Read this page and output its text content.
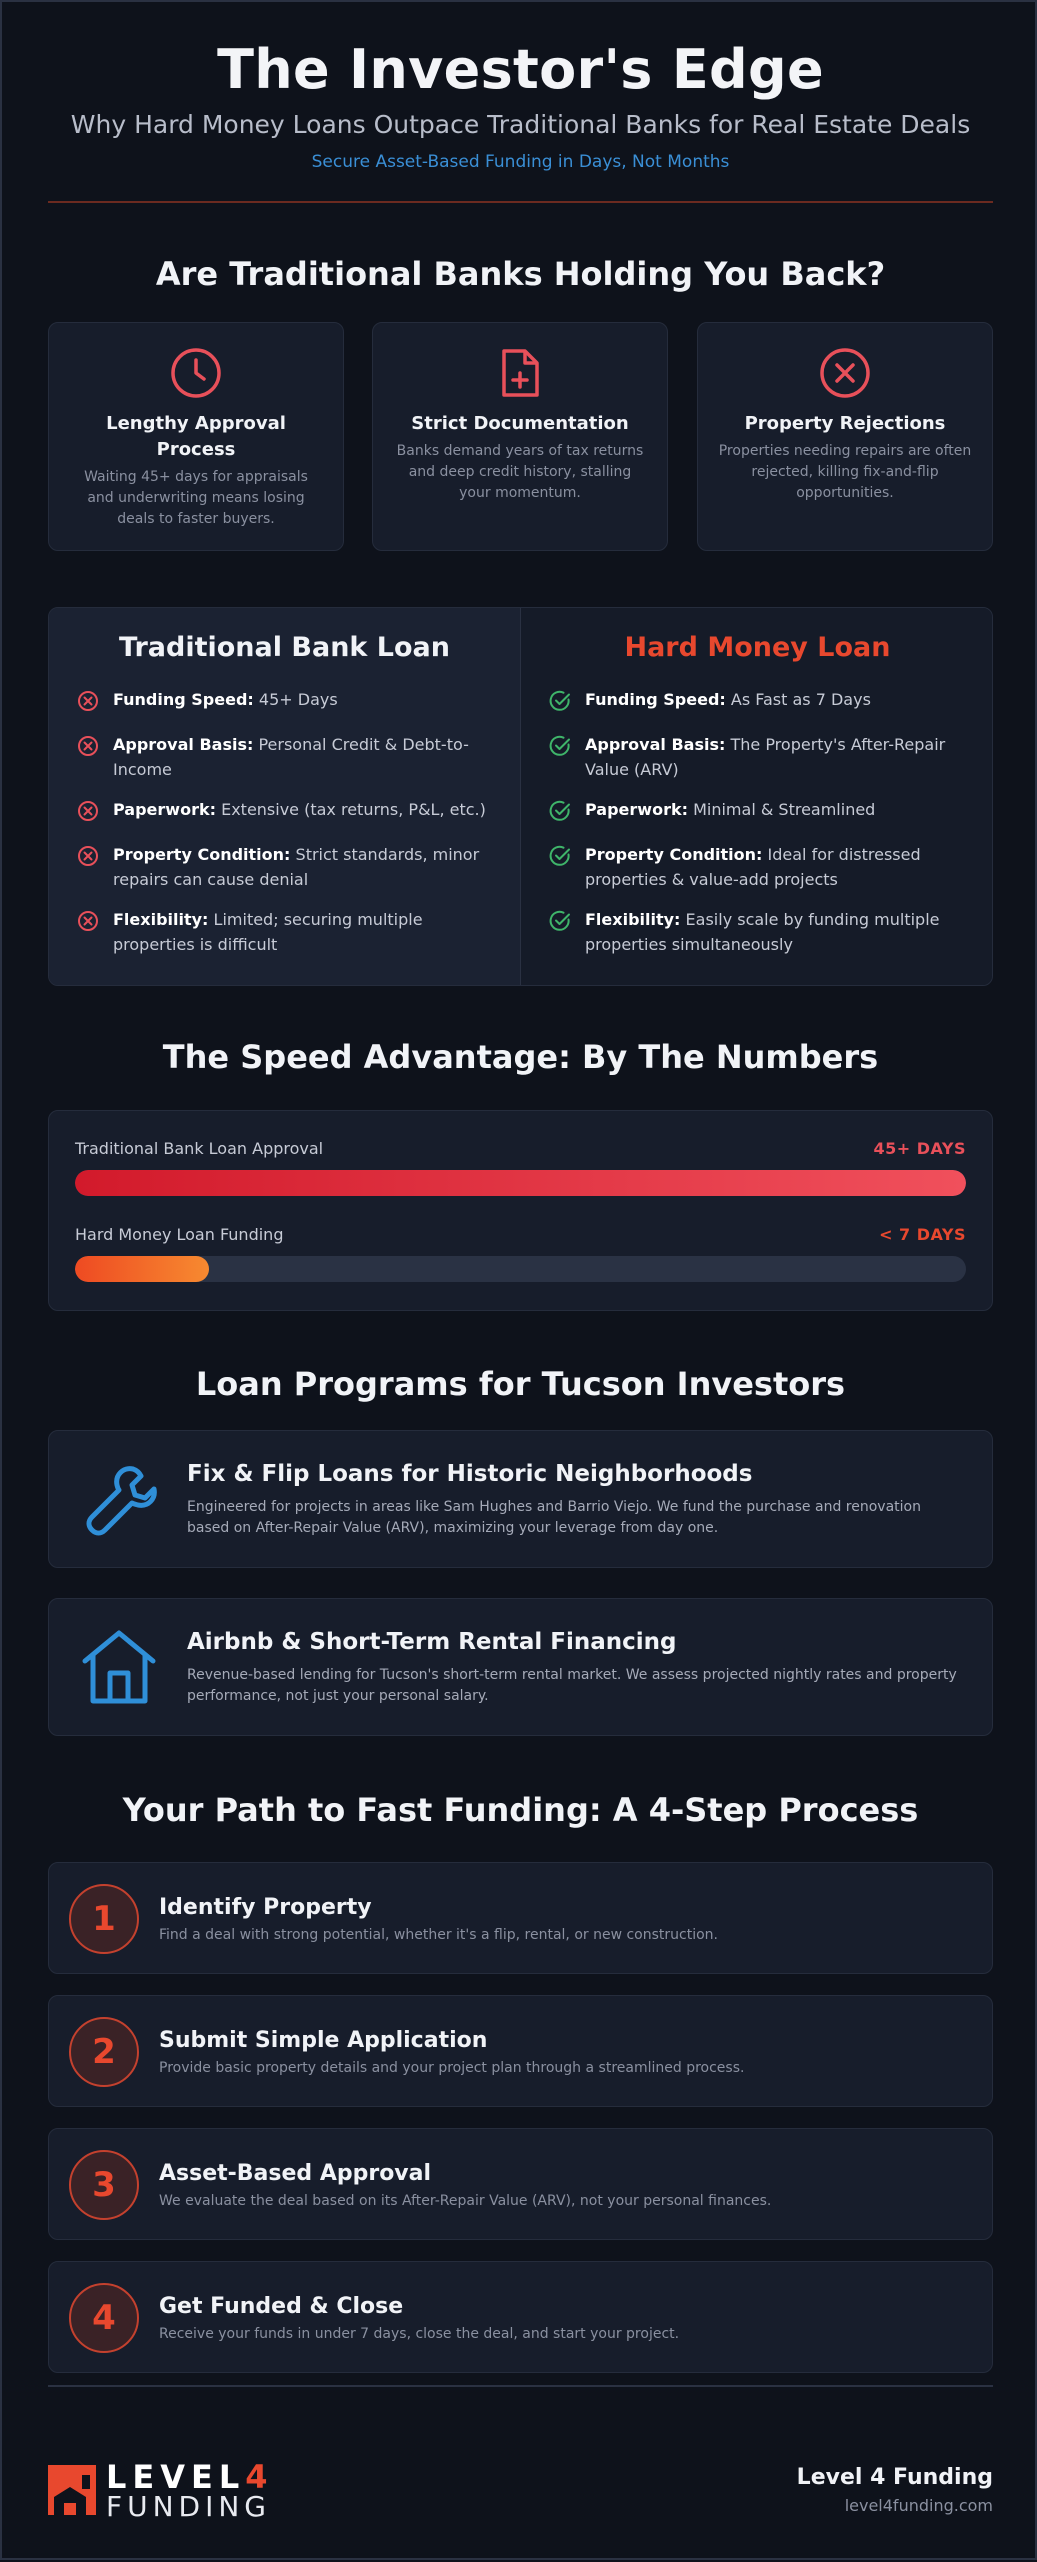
The Investor's Edge
Why Hard Money Loans Outpace Traditional Banks for Real Estate Deals
Secure Asset-Based Funding in Days, Not Months
Are Traditional Banks Holding You Back?
Lengthy Approval Process
Waiting 45+ days for appraisals and underwriting means losing deals to faster buyers.
Strict Documentation
Banks demand years of tax returns and deep credit history, stalling your momentum.
Property Rejections
Properties needing repairs are often rejected, killing fix-and-flip opportunities.
Traditional Bank Loan
Funding Speed: 45+ Days
Approval Basis: Personal Credit & Debt-to-Income
Paperwork: Extensive (tax returns, P&L, etc.)
Property Condition: Strict standards, minor repairs can cause denial
Flexibility: Limited; securing multiple properties is difficult
Hard Money Loan
Funding Speed: As Fast as 7 Days
Approval Basis: The Property's After-Repair Value (ARV)
Paperwork: Minimal & Streamlined
Property Condition: Ideal for distressed properties & value-add projects
Flexibility: Easily scale by funding multiple properties simultaneously
The Speed Advantage: By The Numbers
Traditional Bank Loan Approval	45+ DAYS
Hard Money Loan Funding	< 7 DAYS
Loan Programs for Tucson Investors
Fix & Flip Loans for Historic Neighborhoods
Engineered for projects in areas like Sam Hughes and Barrio Viejo. We fund the purchase and renovation based on After-Repair Value (ARV), maximizing your leverage from day one.
Airbnb & Short-Term Rental Financing
Revenue-based lending for Tucson's short-term rental market. We assess projected nightly rates and property performance, not just your personal salary.
Your Path to Fast Funding: A 4-Step Process
1	Identify Property
Find a deal with strong potential, whether it's a flip, rental, or new construction.
2	Submit Simple Application
Provide basic property details and your project plan through a streamlined process.
3	Asset-Based Approval
We evaluate the deal based on its After-Repair Value (ARV), not your personal finances.
4	Get Funded & Close
Receive your funds in under 7 days, close the deal, and start your project.
LEVEL4
FUNDING
Level 4 Funding
level4funding.com
